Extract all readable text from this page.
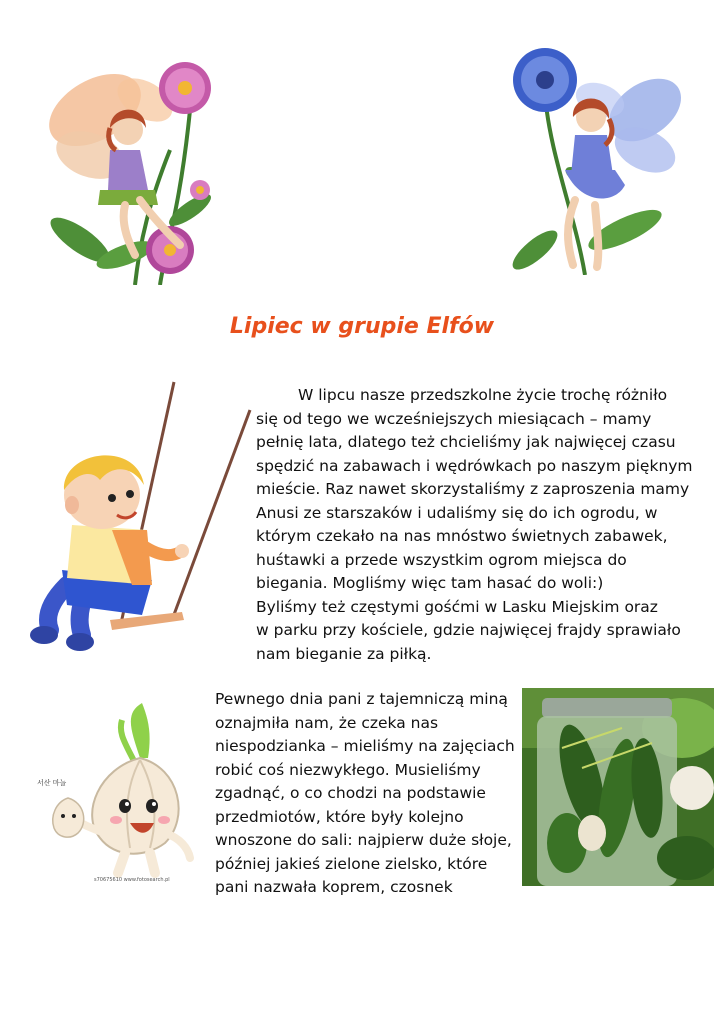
서산 마늘
s70675610 www.fotosearch.pl
Lipiec w grupie Elfów
W lipcu nasze przedszkolne życie trochę różniło
się od tego we wcześniejszych miesiącach – mamy
pełnię lata, dlatego też chcieliśmy jak najwięcej czasu
spędzić na zabawach i wędrówkach po naszym pięknym
mieście. Raz nawet skorzystaliśmy z zaproszenia mamy
Anusi ze starszaków i udaliśmy się do ich ogrodu, w
którym czekało na nas mnóstwo świetnych zabawek,
huśtawki a przede wszystkim ogrom miejsca do
biegania. Mogliśmy więc tam hasać do woli:)
Byliśmy też częstymi gośćmi w Lasku Miejskim oraz
w parku przy kościele, gdzie najwięcej frajdy sprawiało
nam bieganie za piłką.
Pewnego dnia pani z tajemniczą miną
oznajmiła nam, że czeka nas
niespodzianka – mieliśmy na zajęciach
robić coś niezwykłego. Musieliśmy
zgadnąć, o co chodzi na podstawie
przedmiotów, które były kolejno
wnoszone do sali: najpierw duże słoje,
później jakieś zielone zielsko, które
pani nazwała koprem, czosnek
